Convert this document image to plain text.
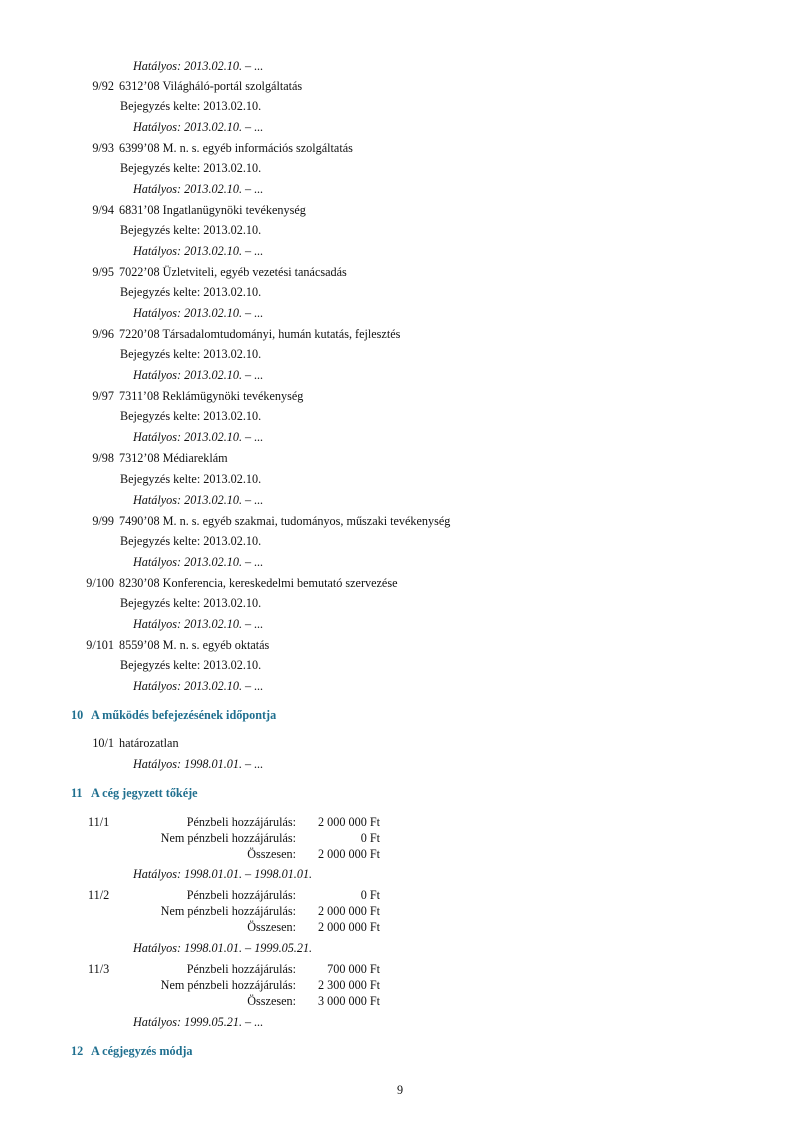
Hatályos: 2013.02.10. – ...
9/92 6312’08 Világháló-portál szolgáltatás
Bejegyzés kelte: 2013.02.10.
Hatályos: 2013.02.10. – ...
9/93 6399’08 M. n. s. egyéb információs szolgáltatás
Bejegyzés kelte: 2013.02.10.
Hatályos: 2013.02.10. – ...
9/94 6831’08 Ingatlanügynöki tevékenység
Bejegyzés kelte: 2013.02.10.
Hatályos: 2013.02.10. – ...
9/95 7022’08 Üzletviteli, egyéb vezetési tanácsadás
Bejegyzés kelte: 2013.02.10.
Hatályos: 2013.02.10. – ...
9/96 7220’08 Társadalomtudományi, humán kutatás, fejlesztés
Bejegyzés kelte: 2013.02.10.
Hatályos: 2013.02.10. – ...
9/97 7311’08 Reklámügynöki tevékenység
Bejegyzés kelte: 2013.02.10.
Hatályos: 2013.02.10. – ...
9/98 7312’08 Médiareklám
Bejegyzés kelte: 2013.02.10.
Hatályos: 2013.02.10. – ...
9/99 7490’08 M. n. s. egyéb szakmai, tudományos, műszaki tevékenység
Bejegyzés kelte: 2013.02.10.
Hatályos: 2013.02.10. – ...
9/100 8230’08 Konferencia, kereskedelmi bemutató szervezése
Bejegyzés kelte: 2013.02.10.
Hatályos: 2013.02.10. – ...
9/101 8559’08 M. n. s. egyéb oktatás
Bejegyzés kelte: 2013.02.10.
Hatályos: 2013.02.10. – ...
10 A működés befejezésének időpontja
10/1 határozatlan
Hatályos: 1998.01.01. – ...
11 A cég jegyzett tőkéje
11/1	Pénzbeli hozzájárulás:	2 000 000 Ft
Nem pénzbeli hozzájárulás:	0 Ft
Összesen:	2 000 000 Ft
Hatályos: 1998.01.01. – 1998.01.01.
11/2	Pénzbeli hozzájárulás:	0 Ft
Nem pénzbeli hozzájárulás:	2 000 000 Ft
Összesen:	2 000 000 Ft
Hatályos: 1998.01.01. – 1999.05.21.
11/3	Pénzbeli hozzájárulás:	700 000 Ft
Nem pénzbeli hozzájárulás:	2 300 000 Ft
Összesen:	3 000 000 Ft
Hatályos: 1999.05.21. – ...
12 A cégjegyzés módja
9
